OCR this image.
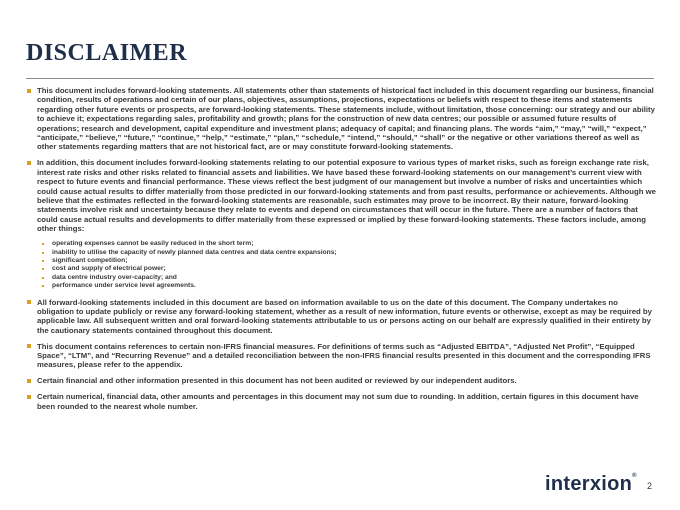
DISCLAIMER

This document includes forward-looking statements. All statements other than statements of historical fact included in this document regarding our business, financial condition, results of operations and certain of our plans, objectives, assumptions, projections, expectations or beliefs with respect to these items and statements regarding other future events or prospects, are forward-looking statements. These statements include, without limitation, those concerning: our strategy and our ability to achieve it; expectations regarding sales, profitability and growth; plans for the construction of new data centres; our possible or assumed future results of operations; research and development, capital expenditure and investment plans; adequacy of capital; and financing plans. The words “aim,” “may,” “will,” “expect,” “anticipate,” “believe,” “future,” “continue,” “help,” “estimate,” “plan,” “schedule,” “intend,” “should,” “shall” or the negative or other variations thereof as well as other statements regarding matters that are not historical fact, are or may constitute forward-looking statements.

In addition, this document includes forward-looking statements relating to our potential exposure to various types of market risks, such as foreign exchange rate risk, interest rate risks and other risks related to financial assets and liabilities. We have based these forward-looking statements on our management’s current view with respect to future events and financial performance. These views reflect the best judgment of our management but involve a number of risks and uncertainties which could cause actual results to differ materially from those predicted in our forward-looking statements and from past results, performance or achievements. Although we believe that the estimates reflected in the forward-looking statements are reasonable, such estimates may prove to be incorrect. By their nature, forward-looking statements involve risk and uncertainty because they relate to events and depend on circumstances that will occur in the future. There are a number of factors that could cause actual results and developments to differ materially from these expressed or implied by these forward-looking statements. These factors include, among other things:

operating expenses cannot be easily reduced in the short term;
inability to utilise the capacity of newly planned data centres and data centre expansions;
significant competition;
cost and supply of electrical power;
data centre industry over-capacity; and
performance under service level agreements.

All forward-looking statements included in this document are based on information available to us on the date of this document. The Company undertakes no obligation to update publicly or revise any forward-looking statement, whether as a result of new information, future events or otherwise, except as may be required by applicable law. All subsequent written and oral forward-looking statements attributable to us or persons acting on our behalf are expressly qualified in their entirety by the cautionary statements contained throughout this document.

This document contains references to certain non-IFRS financial measures. For definitions of terms such as “Adjusted EBITDA”, “Adjusted Net Profit”, “Equipped Space”, “LTM”, and “Recurring Revenue” and a detailed reconciliation between the non-IFRS financial results presented in this document and the corresponding IFRS measures, please refer to the appendix.

Certain financial and other information presented in this document has not been audited or reviewed by our independent auditors.

Certain numerical, financial data, other amounts and percentages in this document may not sum due to rounding. In addition, certain figures in this document have been rounded to the nearest whole number.

interxion®
2
